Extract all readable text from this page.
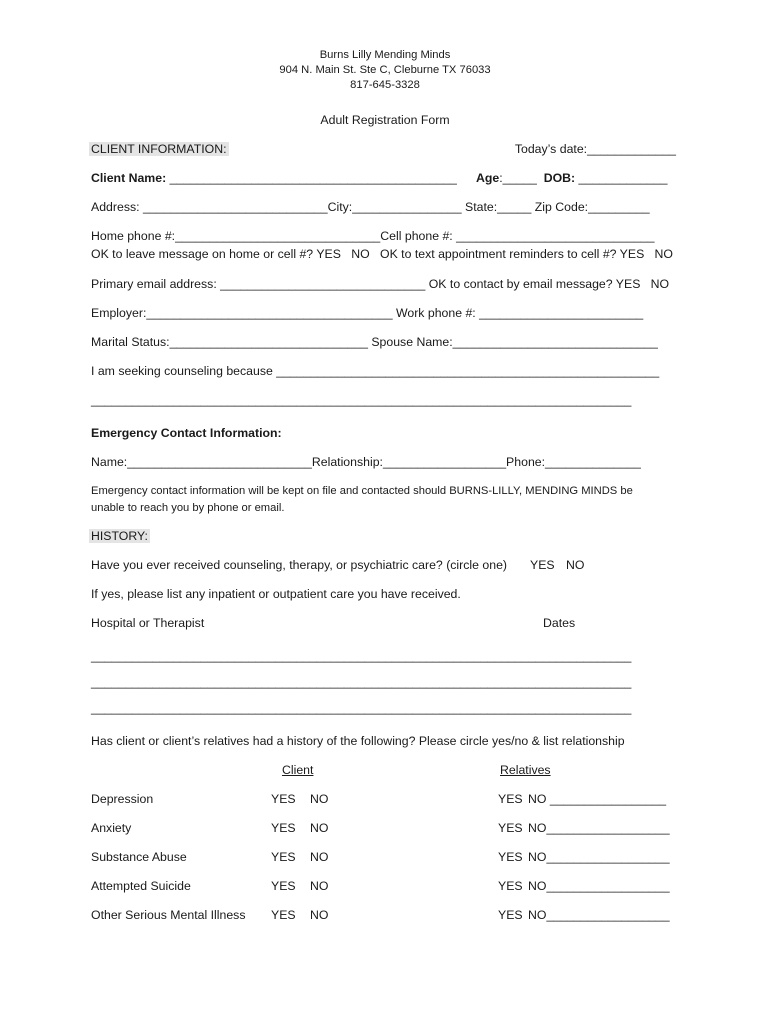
Burns Lilly Mending Minds
904 N. Main St. Ste C, Cleburne TX 76033
817-645-3328
Adult Registration Form
CLIENT INFORMATION:	Today’s date:_____________
Client Name: __________________________________________ Age:_____ DOB: _____________
Address: ___________________________City:________________ State:_____ Zip Code:_________
Home phone #:______________________________Cell phone #: _____________________________
OK to leave message on home or cell #? YES   NO OK to text appointment reminders to cell #? YES   NO
Primary email address: ______________________________ OK to contact by email message? YES   NO
Employer:____________________________________ Work phone #: ________________________
Marital Status:_____________________________ Spouse Name:______________________________
I am seeking counseling because ________________________________________________________
_______________________________________________________________________________
Emergency Contact Information:
Name:___________________________Relationship:__________________Phone:______________
Emergency contact information will be kept on file and contacted should BURNS-LILLY, MENDING MINDS be
unable to reach you by phone or email.
HISTORY:
Have you ever received counseling, therapy, or psychiatric care? (circle one) YES NO
If yes, please list any inpatient or outpatient care you have received.
Hospital or Therapist	Dates
_______________________________________________________________________________
_______________________________________________________________________________
_______________________________________________________________________________
Has client or client’s relatives had a history of the following? Please circle yes/no & list relationship
Client	Relatives
Depression	YES NO	YES NO _________________
Anxiety	YES NO	YES NO__________________
Substance Abuse	YES NO	YES NO__________________
Attempted Suicide	YES NO	YES NO__________________
Other Serious Mental Illness YES NO	YES NO__________________
